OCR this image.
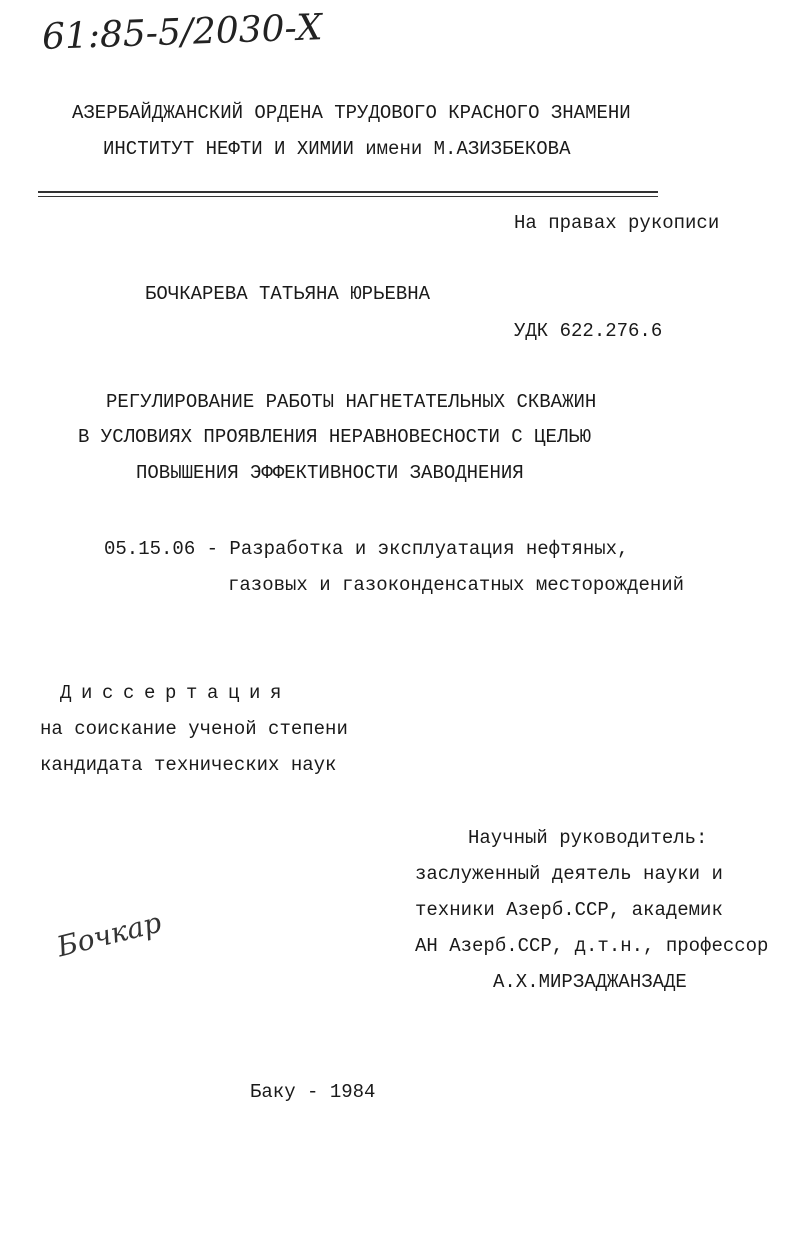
61:85-5/2030-Х
АЗЕРБАЙДЖАНСКИЙ ОРДЕНА ТРУДОВОГО КРАСНОГО ЗНАМЕНИ
ИНСТИТУТ НЕФТИ И ХИМИИ имени М.АЗИЗБЕКОВА
На правах рукописи
БОЧКАРЕВА ТАТЬЯНА ЮРЬЕВНА
УДК 622.276.6
РЕГУЛИРОВАНИЕ РАБОТЫ НАГНЕТАТЕЛЬНЫХ СКВАЖИН
В УСЛОВИЯХ ПРОЯВЛЕНИЯ НЕРАВНОВЕСНОСТИ С ЦЕЛЬЮ
ПОВЫШЕНИЯ ЭФФЕКТИВНОСТИ ЗАВОДНЕНИЯ
05.15.06 - Разработка и эксплуатация нефтяных,
газовых и газоконденсатных месторождений
Диссертация
на соискание ученой степени
кандидата технических наук
Научный руководитель:
заслуженный деятель науки и
техники Азерб.ССР, академик
АН Азерб.ССР, д.т.н., профессор
А.Х.МИРЗАДЖАНЗАДЕ
Бочкар
Баку - 1984
